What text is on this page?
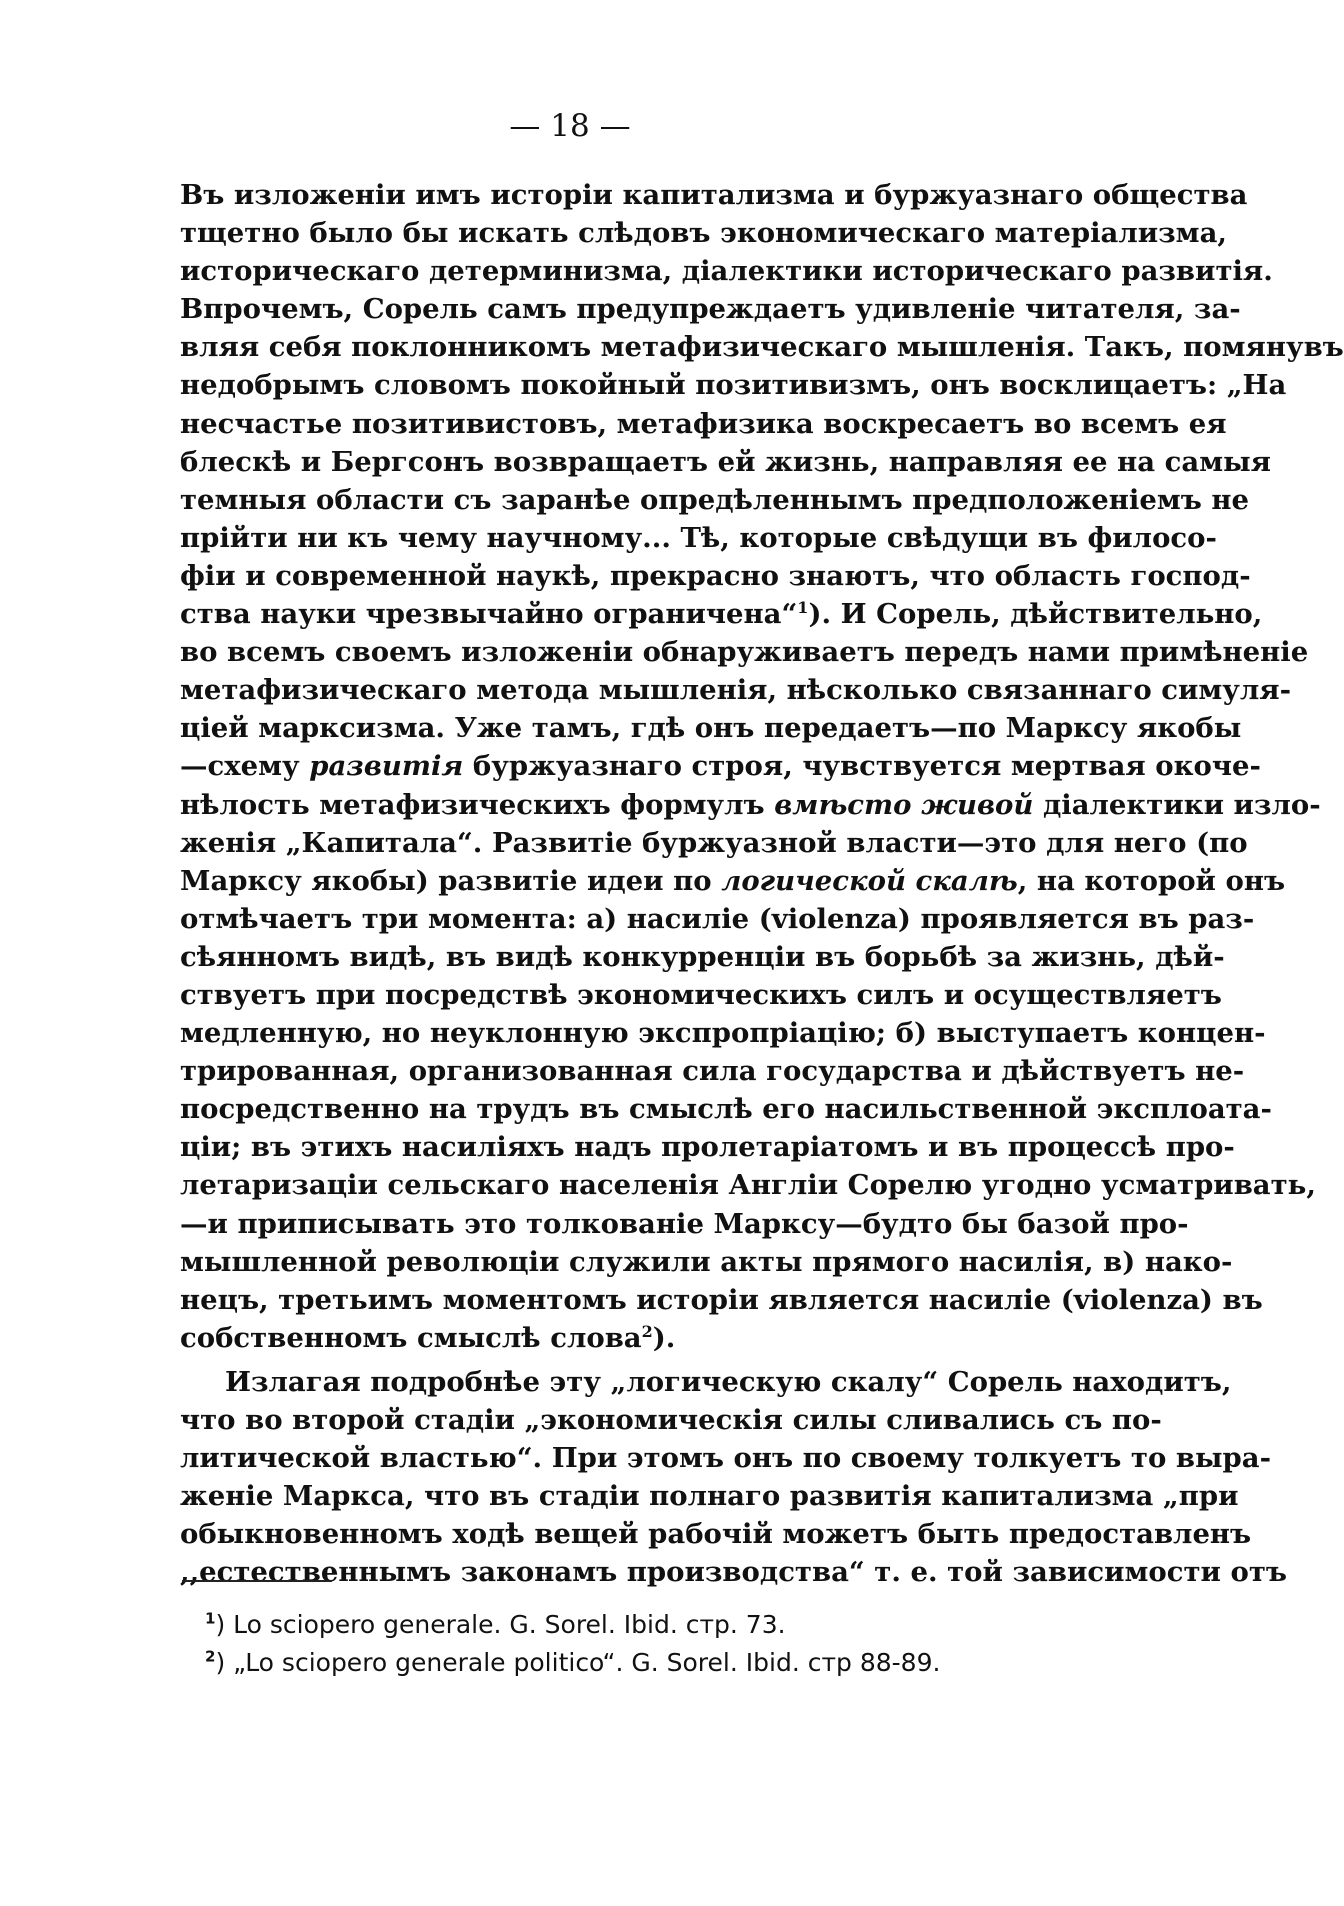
— 18 —
Въ изложеніи имъ исторіи капитализма и буржуазнаго общества
тщетно было бы искать слѣдовъ экономическаго матеріализма,
историческаго детерминизма, діалектики историческаго развитія.
Впрочемъ, Сорель самъ предупреждаетъ удивленіе читателя, за-
вляя себя поклонникомъ метафизическаго мышленія. Такъ, помянувъ
недобрымъ словомъ покойный позитивизмъ, онъ восклицаетъ: „На
несчастье позитивистовъ, метафизика воскресаетъ во всемъ ея
блескѣ и Бергсонъ возвращаетъ ей жизнь, направляя ее на самыя
темныя области съ заранѣе опредѣленнымъ предположеніемъ не
прійти ни къ чему научному... Тѣ, которые свѣдущи въ филосо-
фіи и современной наукѣ, прекрасно знаютъ, что область господ-
ства науки чрезвычайно ограничена“$^1$). И Сорель, дѣйствительно,
во всемъ своемъ изложеніи обнаруживаетъ передъ нами примѣненіе
метафизическаго метода мышленія, нѣсколько связаннаго симуля-
ціей марксизма. Уже тамъ, гдѣ онъ передаетъ—по Марксу якобы
—схему развитія буржуазнаго строя, чувствуется мертвая окоче-
нѣлость метафизическихъ формулъ вмѣсто живой діалектики изло-
женія „Капитала“. Развитіе буржуазной власти—это для него (по
Марксу якобы) развитіе идеи по логической скалѣ, на которой онъ
отмѣчаетъ три момента: а) насиліе (violenza) проявляется въ раз-
сѣянномъ видѣ, въ видѣ конкурренціи въ борьбѣ за жизнь, дѣй-
ствуетъ при посредствѣ экономическихъ силъ и осуществляетъ
медленную, но неуклонную экспропріацію; б) выступаетъ концен-
трированная, организованная сила государства и дѣйствуетъ не-
посредственно на трудъ въ смыслѣ его насильственной эксплоата-
ціи; въ этихъ насиліяхъ надъ пролетаріатомъ и въ процессѣ про-
летаризаціи сельскаго населенія Англіи Сорелю угодно усматривать,
—и приписывать это толкованіе Марксу—будто бы базой про-
мышленной революціи служили акты прямого насилія, в) нако-
нецъ, третьимъ моментомъ исторіи является насиліе (violenza) въ
собственномъ смыслѣ слова$^2$).
Излагая подробнѣе эту „логическую скалу“ Сорель находитъ,
что во второй стадіи „экономическія силы сливались съ по-
литической властью“. При этомъ онъ по своему толкуетъ то выра-
женіе Маркса, что въ стадіи полнаго развитія капитализма „при
обыкновенномъ ходѣ вещей рабочій можетъ быть предоставленъ
,,естественнымъ законамъ производства“ т. е. той зависимости отъ
$^1$) Lo sciopero generale. G. Sorel. Ibid. стр. 73.
$^2$) „Lo sciopero generale politico“. G. Sorel. Ibid. стр 88-89.
